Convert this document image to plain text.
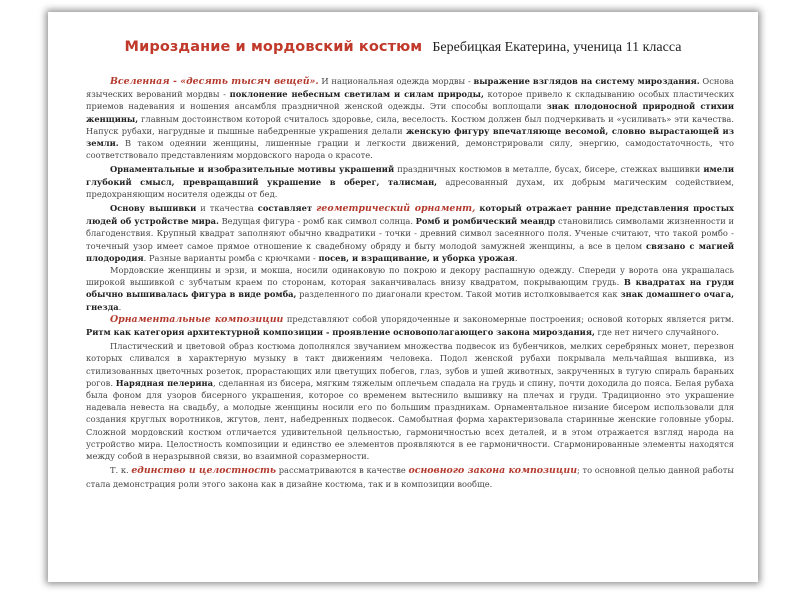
Мироздание и мордовский костюм Беребицкая Екатерина, ученица 11 класса

Вселенная - «десять тысяч вещей». И национальная одежда мордвы - выражение взглядов на систему мироздания. Основа языческих верований мордвы - поклонение небесным светилам и силам природы, которое привело к складыванию особых пластических приемов надевания и ношения ансамбля праздничной женской одежды. Эти способы воплощали знак плодоносной природной стихии женщины, главным достоинством которой считалось здоровье, сила, веселость. Костюм должен был подчеркивать и «усиливать» эти качества. Напуск рубахи, нагрудные и пышные набедренные украшения делали женскую фигуру впечатляюще весомой, словно вырастающей из земли. В таком одеянии женщины, лишенные грации и легкости движений, демонстрировали силу, энергию, самодостаточность, что соответствовало представлениям мордовского народа о красоте.

Орнаментальные и изобразительные мотивы украшений праздничных костюмов в металле, бусах, бисере, стежках вышивки имели глубокий смысл, превращавший украшение в оберег, талисман, адресованный духам, их добрым магическим содействием, предохраняющим носителя одежды от бед.

Основу вышивки и ткачества составляет геометрический орнамент, который отражает ранние представления простых людей об устройстве мира. Ведущая фигура - ромб как символ солнца. Ромб и ромбический меандр становились символами жизненности и благоденствия. Крупный квадрат заполняют обычно квадратики - точки - древний символ засеянного поля. Ученые считают, что такой ромбо - точечный узор имеет самое прямое отношение к свадебному обряду и быту молодой замужней женщины, а все в целом связано с магией плодородия. Разные варианты ромба с крючками - посев, и взращивание, и уборка урожая.

Мордовские женщины и эрзи, и мокша, носили одинаковую по покрою и декору распашную одежду. Спереди у ворота она украшалась широкой вышивкой с зубчатым краем по сторонам, которая заканчивалась внизу квадратом, покрывающим грудь. В квадратах на груди обычно вышивалась фигура в виде ромба, разделенного по диагонали крестом. Такой мотив истолковывается как знак домашнего очага, гнезда.

Орнаментальные композиции представляют собой упорядоченные и закономерные построения; основой которых является ритм. Ритм как категория архитектурной композиции - проявление основополагающего закона мироздания, где нет ничего случайного.

Пластический и цветовой образ костюма дополнялся звучанием множества подвесок из бубенчиков, мелких серебряных монет, перезвон которых сливался в характерную музыку в такт движениям человека. Подол женской рубахи покрывала мельчайшая вышивка, из стилизованных цветочных розеток, прорастающих или цветущих побегов, глаз, зубов и ушей животных, закрученных в тугую спираль бараньих рогов. Нарядная пелерина, сделанная из бисера, мягким тяжелым оплечьем спадала на грудь и спину, почти доходила до пояса. Белая рубаха была фоном для узоров бисерного украшения, которое со временем вытеснило вышивку на плечах и груди. Традиционно это украшение надевала невеста на свадьбу, а молодые женщины носили его по большим праздникам. Орнаментальное низание бисером использовали для создания круглых воротников, жгутов, лент, набедренных подвесок. Самобытная форма характеризовала старинные женские головные уборы. Сложной мордовский костюм отличается удивительной цельностью, гармоничностью всех деталей, и в этом отражается взгляд народа на устройство мира. Целостность композиции и единство ее элементов проявляются в ее гармоничности. Сгармонированные элементы находятся между собой в неразрывной связи, во взаимной соразмерности.

Т. к. единство и целостность рассматриваются в качестве основного закона композиции; то основной целью данной работы стала демонстрация роли этого закона как в дизайне костюма, так и в композиции вообще.
